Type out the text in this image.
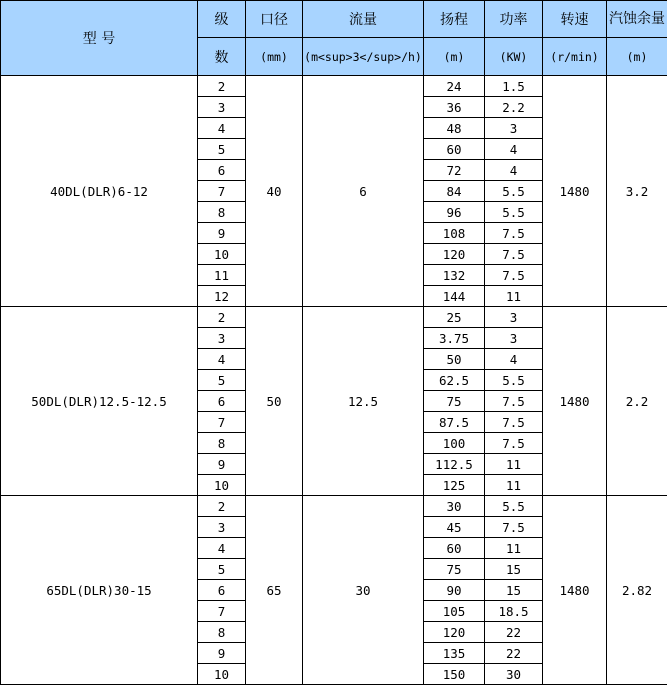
型 号	级	口径	流量	扬程	功率	转速	汽蚀余量
	数	(mm)	(m<sup>3</sup>/h)	(m)	(KW)	(r/min)	(m)
40DL(DLR)6-12	2	40	6	24	1.5	1480	3.2
	3			36	2.2		
	4			48	3		
	5			60	4		
	6			72	4		
	7			84	5.5		
	8			96	5.5		
	9			108	7.5		
	10			120	7.5		
	11			132	7.5		
	12			144	11		
50DL(DLR)12.5-12.5	2	50	12.5	25	3	1480	2.2
	3			3.75	3		
	4			50	4		
	5			62.5	5.5		
	6			75	7.5		
	7			87.5	7.5		
	8			100	7.5		
	9			112.5	11		
	10			125	11		
65DL(DLR)30-15	2	65	30	30	5.5	1480	2.82
	3			45	7.5		
	4			60	11		
	5			75	15		
	6			90	15		
	7			105	18.5		
	8			120	22		
	9			135	22		
	10			150	30		
